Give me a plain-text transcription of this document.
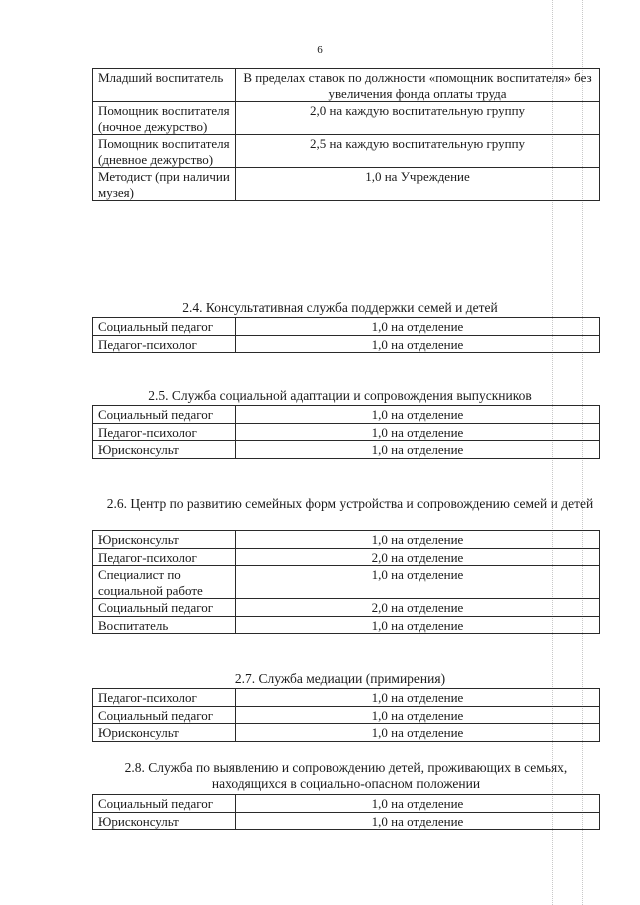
6
Младший воспитатель	В пределах ставок по должности «помощник воспитателя» без увеличения фонда оплаты труда
Помощник воспитателя (ночное дежурство)	2,0 на каждую воспитательную группу
Помощник воспитателя (дневное дежурство)	2,5 на каждую воспитательную группу
Методист (при наличии музея)	1,0 на Учреждение
2.4. Консультативная служба поддержки семей и детей
Социальный педагог	1,0 на отделение
Педагог-психолог	1,0 на отделение
2.5. Служба социальной адаптации и сопровождения выпускников
Социальный педагог	1,0 на отделение
Педагог-психолог	1,0 на отделение
Юрисконсульт	1,0 на отделение
2.6. Центр по развитию семейных форм устройства и сопровождению семей и детей
Юрисконсульт	1,0 на отделение
Педагог-психолог	2,0 на отделение
Специалист по социальной работе	1,0 на отделение
Социальный педагог	2,0 на отделение
Воспитатель	1,0 на отделение
2.7. Служба медиации (примирения)
Педагог-психолог	1,0 на отделение
Социальный педагог	1,0 на отделение
Юрисконсульт	1,0 на отделение
2.8. Служба по выявлению и сопровождению детей, проживающих в семьях, находящихся в социально-опасном положении
Социальный педагог	1,0 на отделение
Юрисконсульт	1,0 на отделение
